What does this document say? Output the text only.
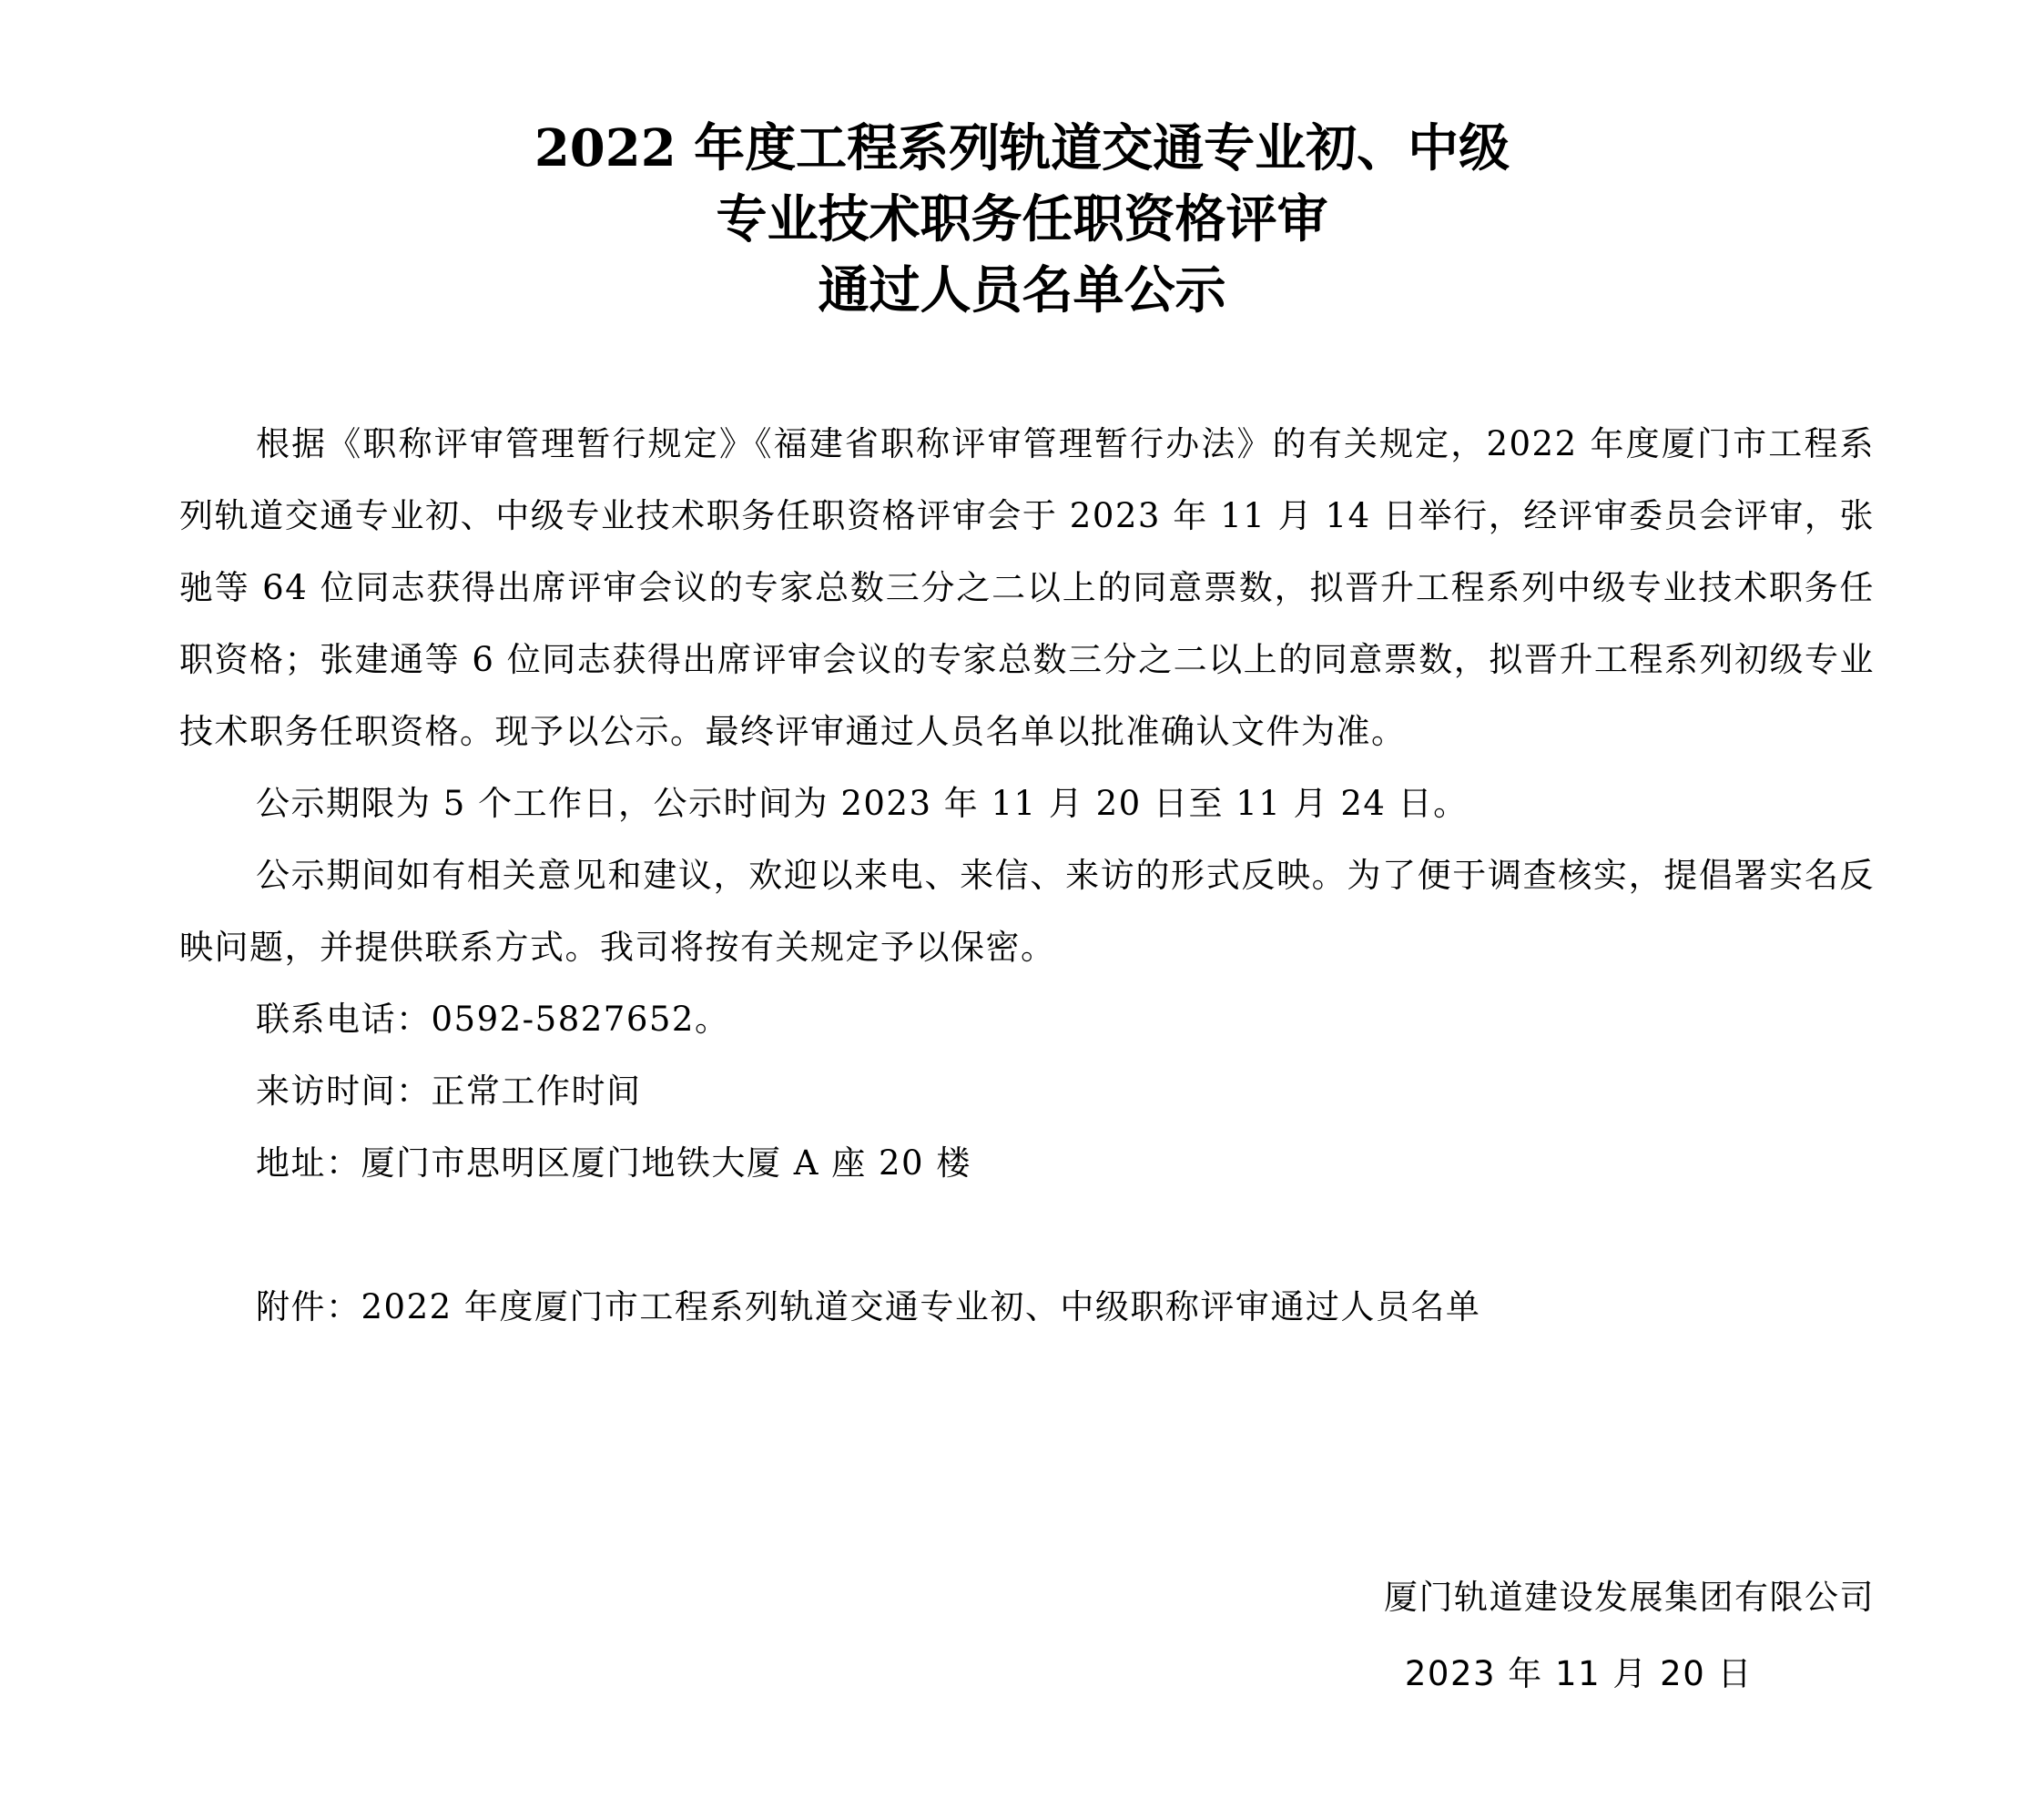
2022 年度工程系列轨道交通专业初、中级
专业技术职务任职资格评审
通过人员名单公示

根据《职称评审管理暂行规定》《福建省职称评审管理暂行办法》的有关规定，2022 年度厦门市工程系列轨道交通专业初、中级专业技术职务任职资格评审会于 2023 年 11 月 14 日举行，经评审委员会评审，张驰等 64 位同志获得出席评审会议的专家总数三分之二以上的同意票数，拟晋升工程系列中级专业技术职务任职资格；张建通等 6 位同志获得出席评审会议的专家总数三分之二以上的同意票数，拟晋升工程系列初级专业技术职务任职资格。现予以公示。最终评审通过人员名单以批准确认文件为准。

公示期限为 5 个工作日，公示时间为 2023 年 11 月 20 日至 11 月 24 日。

公示期间如有相关意见和建议，欢迎以来电、来信、来访的形式反映。为了便于调查核实，提倡署实名反映问题，并提供联系方式。我司将按有关规定予以保密。

联系电话：0592-5827652。

来访时间：正常工作时间

地址：厦门市思明区厦门地铁大厦 A 座 20 楼

附件：2022 年度厦门市工程系列轨道交通专业初、中级职称评审通过人员名单

厦门轨道建设发展集团有限公司
2023 年 11 月 20 日
